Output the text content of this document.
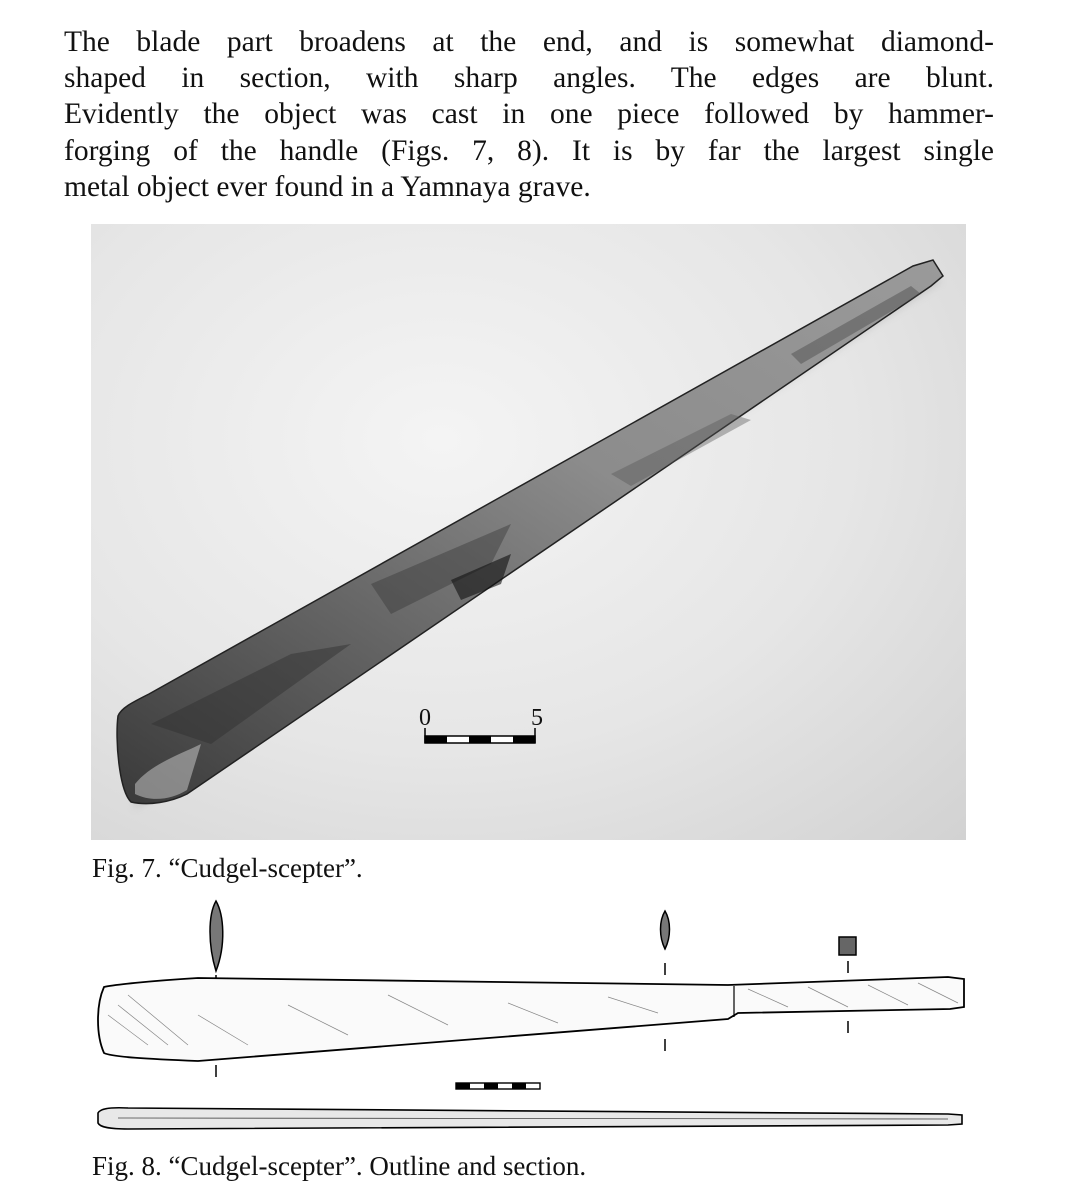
The blade part broadens at the end, and is somewhat diamond-
shaped in section, with sharp angles. The edges are blunt.
Evidently the object was cast in one piece followed by hammer-
forging of the handle (Figs. 7, 8). It is by far the largest single
metal object ever found in a Yamnaya grave.
0	5
Fig. 7. “Cudgel-scepter”.
Fig. 8. “Cudgel-scepter”. Outline and section.
